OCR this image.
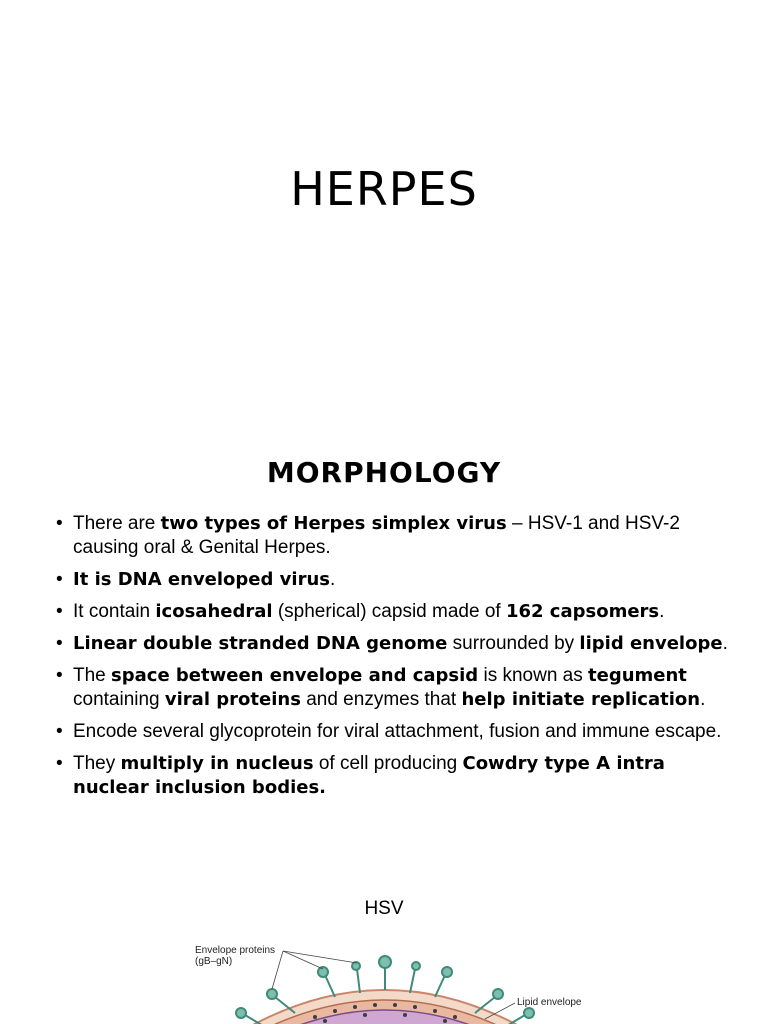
HERPES
MORPHOLOGY
• There are two types of Herpes simplex virus – HSV-1 and HSV-2 causing oral & Genital Herpes.
• It is DNA enveloped virus.
• It contain icosahedral (spherical) capsid made of 162 capsomers.
• Linear double stranded DNA genome surrounded by lipid envelope.
• The space between envelope and capsid is known as tegument containing viral proteins and enzymes that help initiate replication.
• Encode several glycoprotein for viral attachment, fusion and immune escape.
• They multiply in nucleus of cell producing Cowdry type A intra nuclear inclusion bodies.
HSV
Envelope proteins
(gB–gN)
Lipid envelope
